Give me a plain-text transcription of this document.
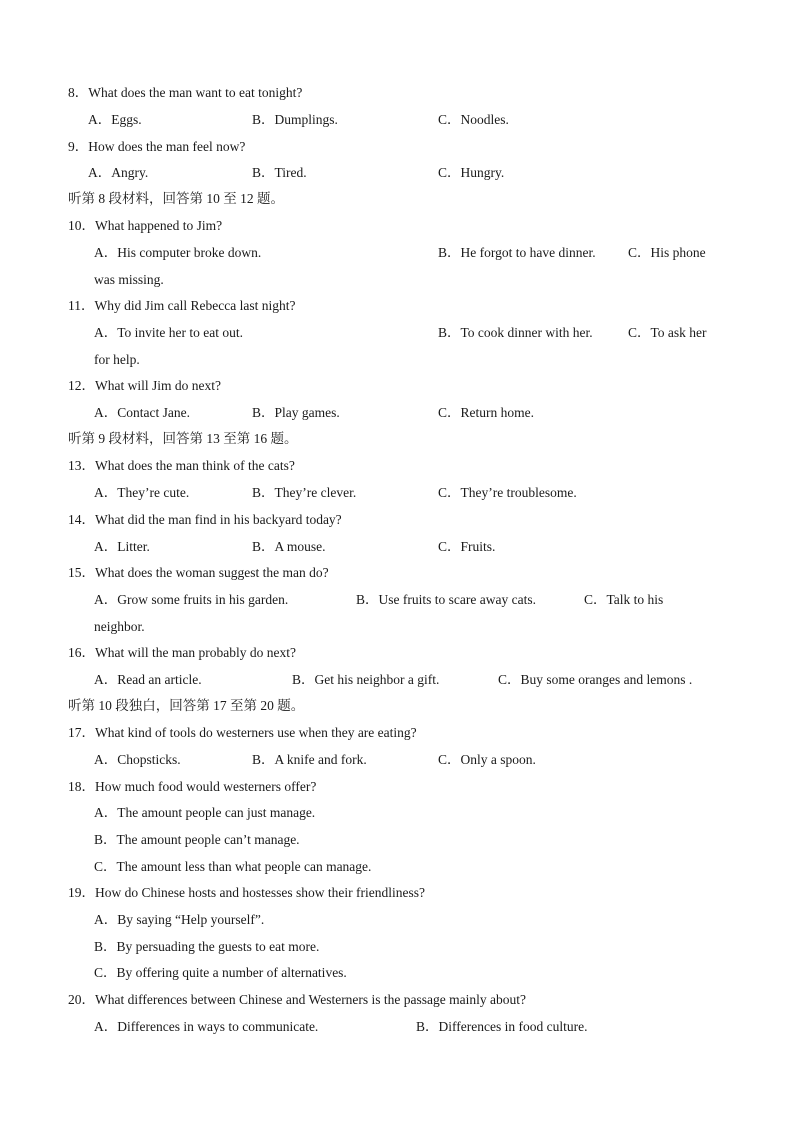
8．What does the man want to eat tonight?
A．Eggs.	B．Dumplings.	C．Noodles.
9．How does the man feel now?
A．Angry.	B．Tired.	C．Hungry.
听第 8 段材料，回答第 10 至 12 题。
10．What happened to Jim?
A．His computer broke down.	B．He forgot to have dinner. C．His phone
was missing.
11．Why did Jim call Rebecca last night?
A．To invite her to eat out.	B．To cook dinner with her.	C．To ask her
for help.
12．What will Jim do next?
A．Contact Jane.	B．Play games.	C．Return home.
听第 9 段材料，回答第 13 至第 16 题。
13．What does the man think of the cats?
A．They’re cute.	B．They’re clever.	C．They’re troublesome.
14．What did the man find in his backyard today?
A．Litter.	B．A mouse.	C．Fruits.
15．What does the woman suggest the man do?
A．Grow some fruits in his garden.	B．Use fruits to scare away cats.	C．Talk to his
neighbor.
16．What will the man probably do next?
A．Read an article.	B．Get his neighbor a gift.	C．Buy some oranges and lemons .
听第 10 段独白，回答第 17 至第 20 题。
17．What kind of tools do westerners use when they are eating?
A．Chopsticks.	B．A knife and fork.	C．Only a spoon.
18．How much food would westerners offer?
A．The amount people can just manage.
B．The amount people can’t manage.
C．The amount less than what people can manage.
19．How do Chinese hosts and hostesses show their friendliness?
A．By saying “Help yourself”.
B．By persuading the guests to eat more.
C．By offering quite a number of alternatives.
20．What differences between Chinese and Westerners is the passage mainly about?
A．Differences in ways to communicate.	B．Differences in food culture.
